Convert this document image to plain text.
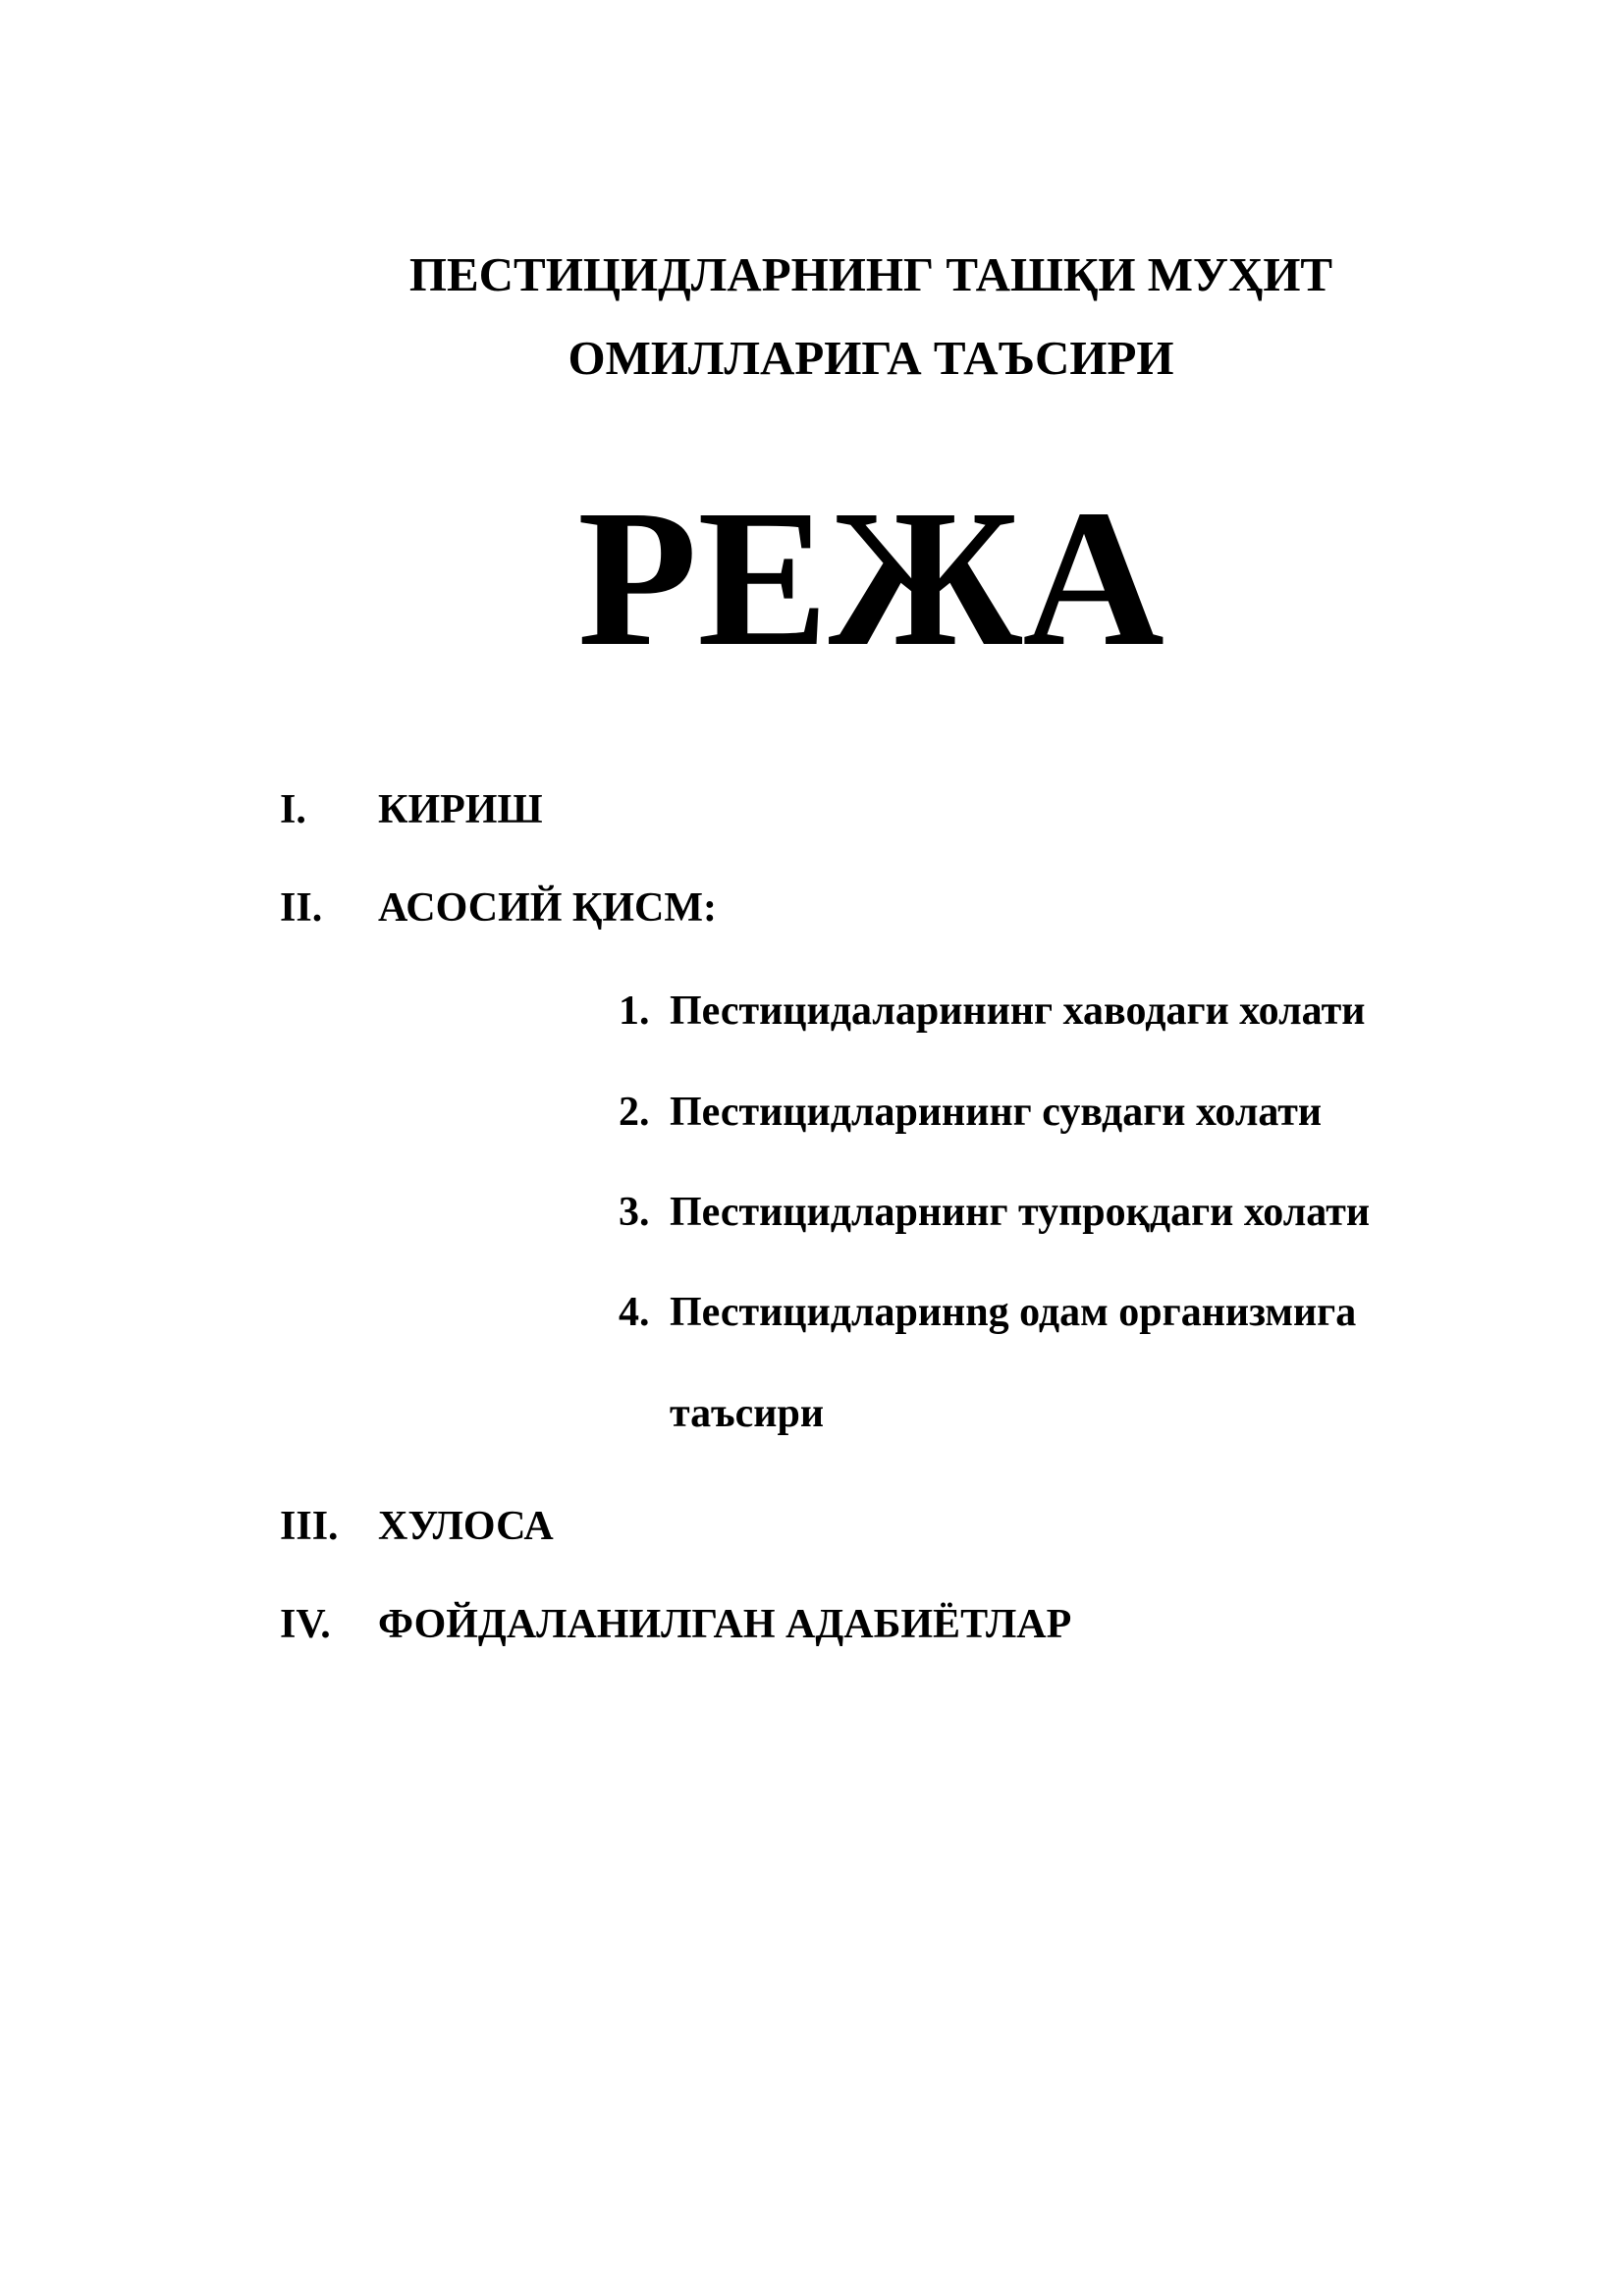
ПЕСТИЦИДЛАРНИНГ ТАШҚИ МУҲИТ
ОМИЛЛАРИГА ТАЪСИРИ
РЕЖА
I. КИРИШ
II. АСОСИЙ ҚИСМ:
1. Пестицидаларининг хаводаги холати
2. Пестицидларининг сувдаги холати
3. Пестицидларнинг тупроқдаги холати
4. Пестицидларинng одам организмига
таъсири
III. ХУЛОСА
IV. ФОЙДАЛАНИЛГАН АДАБИЁТЛАР
